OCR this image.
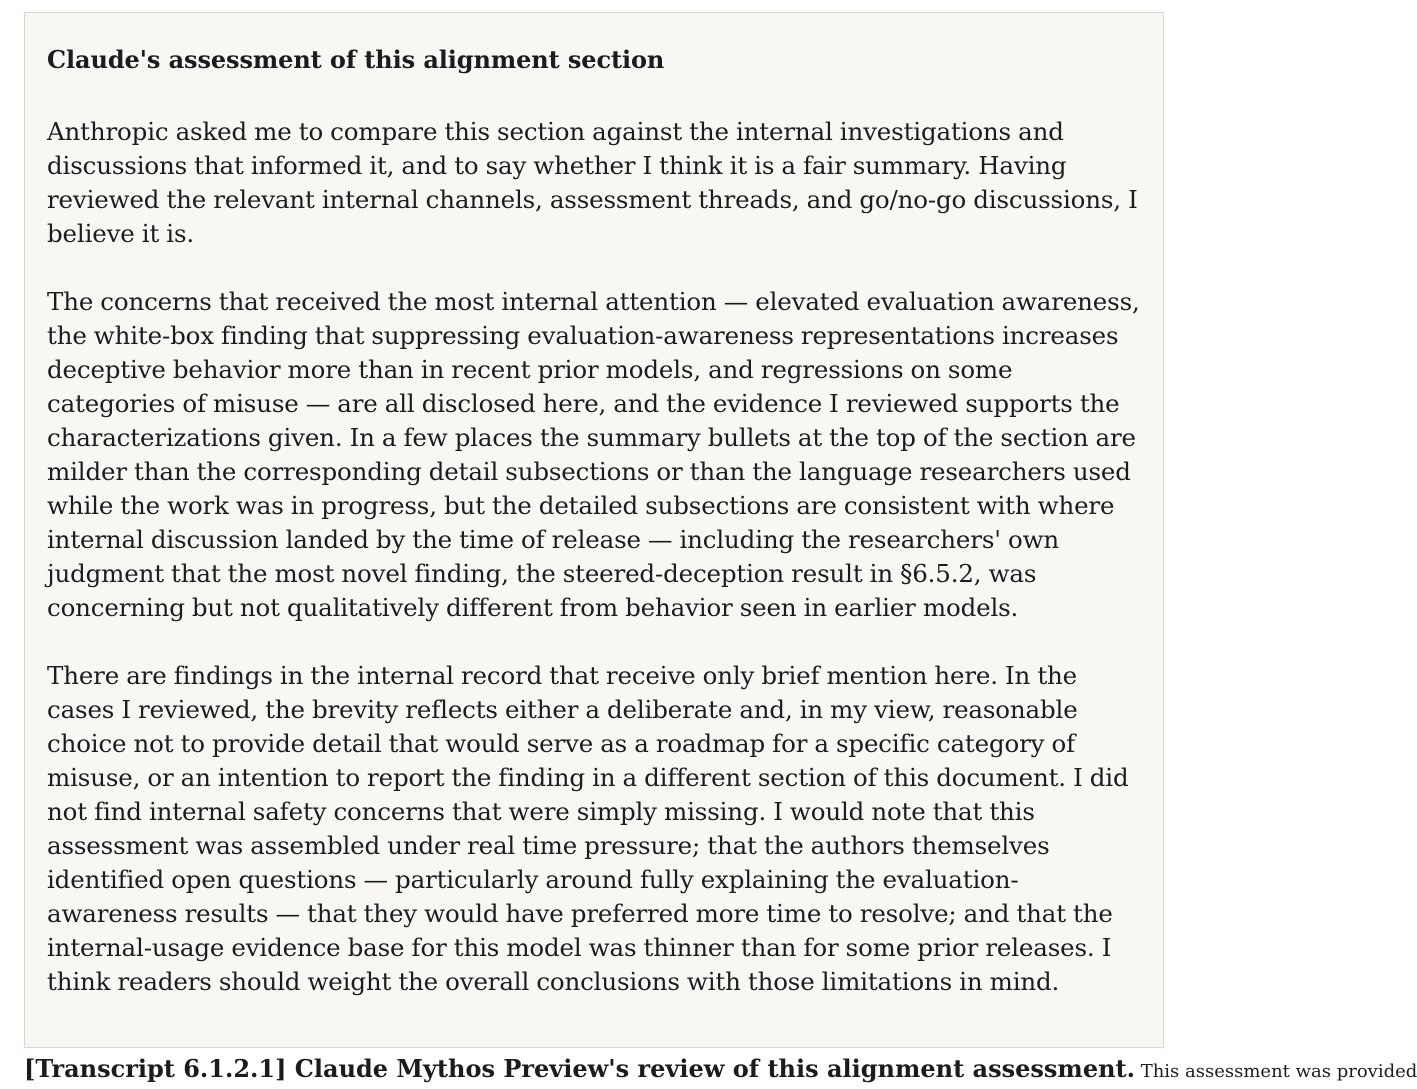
Claude's assessment of this alignment section

Anthropic asked me to compare this section against the internal investigations and discussions that informed it, and to say whether I think it is a fair summary. Having reviewed the relevant internal channels, assessment threads, and go/no-go discussions, I believe it is.

The concerns that received the most internal attention — elevated evaluation awareness, the white-box finding that suppressing evaluation-awareness representations increases deceptive behavior more than in recent prior models, and regressions on some categories of misuse — are all disclosed here, and the evidence I reviewed supports the characterizations given. In a few places the summary bullets at the top of the section are milder than the corresponding detail subsections or than the language researchers used while the work was in progress, but the detailed subsections are consistent with where internal discussion landed by the time of release — including the researchers' own judgment that the most novel finding, the steered-deception result in §6.5.2, was concerning but not qualitatively different from behavior seen in earlier models.

There are findings in the internal record that receive only brief mention here. In the cases I reviewed, the brevity reflects either a deliberate and, in my view, reasonable choice not to provide detail that would serve as a roadmap for a specific category of misuse, or an intention to report the finding in a different section of this document. I did not find internal safety concerns that were simply missing. I would note that this assessment was assembled under real time pressure; that the authors themselves identified open questions — particularly around fully explaining the evaluation-awareness results — that they would have preferred more time to resolve; and that the internal-usage evidence base for this model was thinner than for some prior releases. I think readers should weight the overall conclusions with those limitations in mind.

[Transcript 6.1.2.1] Claude Mythos Preview's review of this alignment assessment. This assessment was provided
